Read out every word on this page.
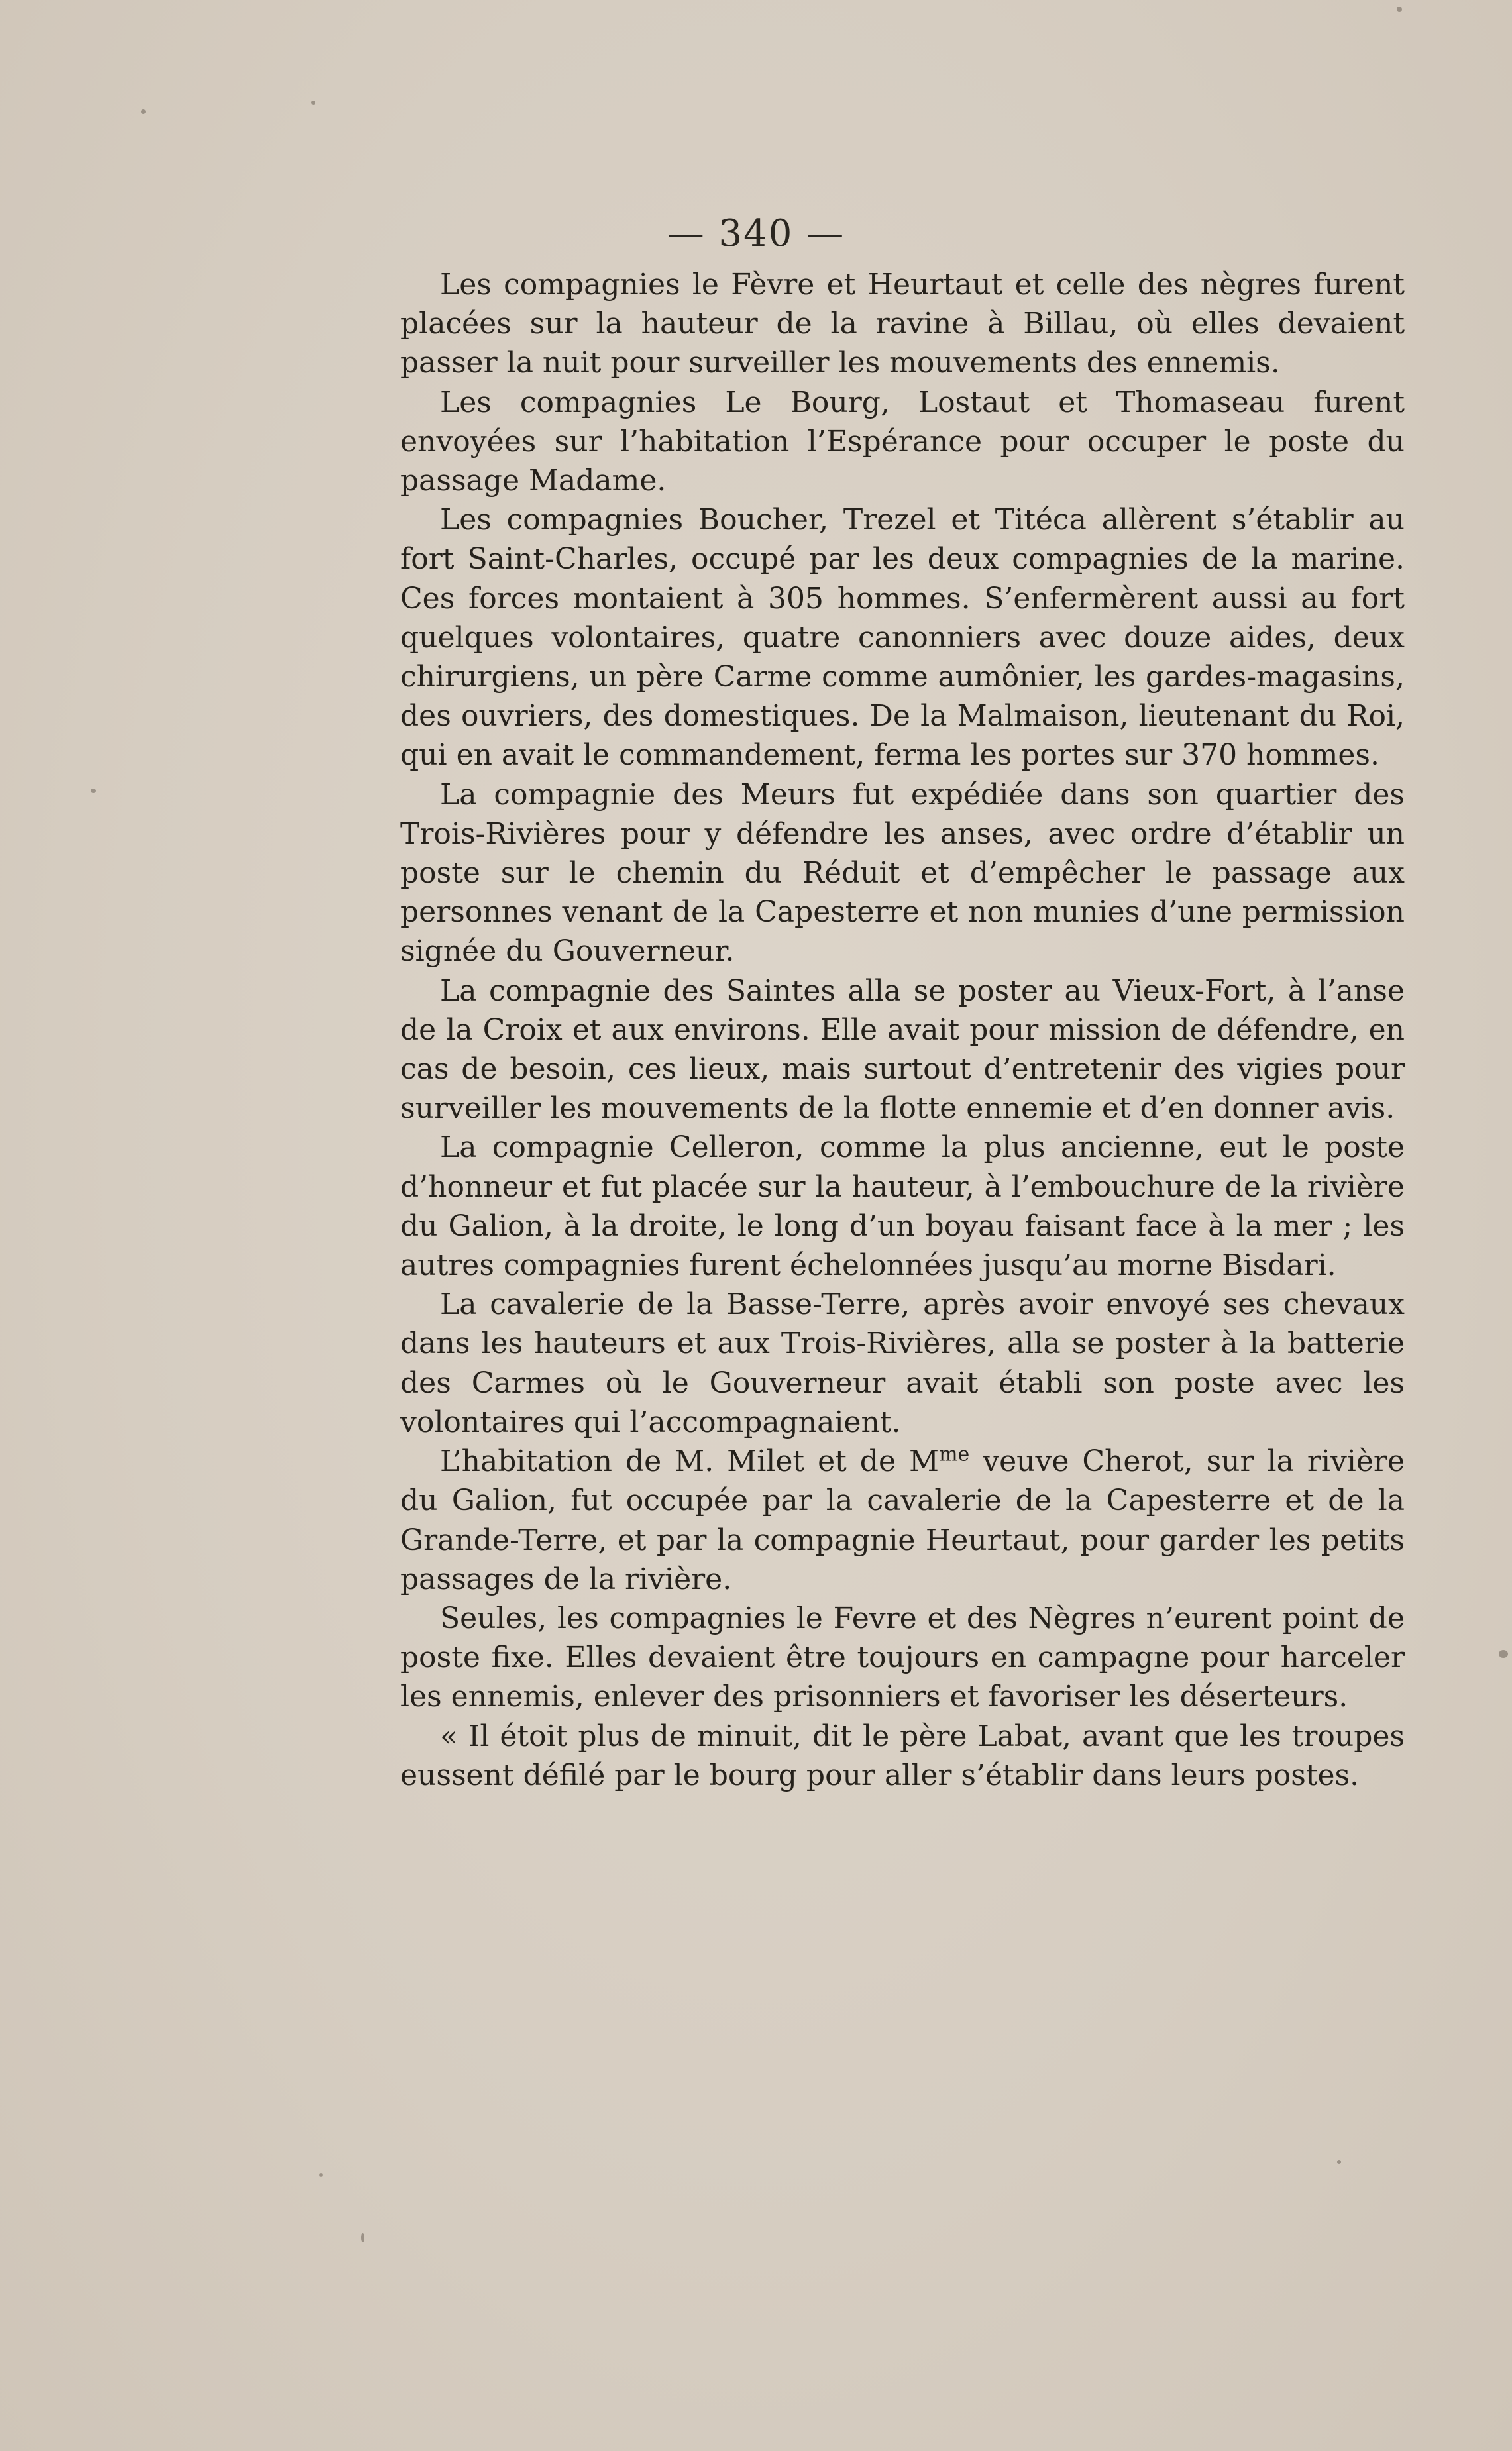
— 340 —

Les compagnies le Fèvre et Heurtaut et celle des nègres furent placées sur la hauteur de la ravine à Billau, où elles devaient passer la nuit pour surveiller les mouvements des ennemis.

Les compagnies Le Bourg, Lostaut et Thomaseau furent envoyées sur l’habitation l’Espérance pour occuper le poste du passage Madame.

Les compagnies Boucher, Trezel et Titéca allèrent s’établir au fort Saint-Charles, occupé par les deux compagnies de la marine. Ces forces montaient à 305 hommes. S’enfermèrent aussi au fort quelques volontaires, quatre canonniers avec douze aides, deux chirurgiens, un père Carme comme aumônier, les gardes-magasins, des ouvriers, des domestiques. De la Malmaison, lieutenant du Roi, qui en avait le commandement, ferma les portes sur 370 hommes.

La compagnie des Meurs fut expédiée dans son quartier des Trois-Rivières pour y défendre les anses, avec ordre d’établir un poste sur le chemin du Réduit et d’empêcher le passage aux personnes venant de la Capesterre et non munies d’une permission signée du Gouverneur.

La compagnie des Saintes alla se poster au Vieux-Fort, à l’anse de la Croix et aux environs. Elle avait pour mission de défendre, en cas de besoin, ces lieux, mais surtout d’entretenir des vigies pour surveiller les mouvements de la flotte ennemie et d’en donner avis.

La compagnie Celleron, comme la plus ancienne, eut le poste d’honneur et fut placée sur la hauteur, à l’embouchure de la rivière du Galion, à la droite, le long d’un boyau faisant face à la mer ; les autres compagnies furent échelonnées jusqu’au morne Bisdari.

La cavalerie de la Basse-Terre, après avoir envoyé ses chevaux dans les hauteurs et aux Trois-Rivières, alla se poster à la batterie des Carmes où le Gouverneur avait établi son poste avec les volontaires qui l’accompagnaient.

L’habitation de M. Milet et de $M^{me}$ veuve Cherot, sur la rivière du Galion, fut occupée par la cavalerie de la Capesterre et de la Grande-Terre, et par la compagnie Heurtaut, pour garder les petits passages de la rivière.

Seules, les compagnies le Fevre et des Nègres n’eurent point de poste fixe. Elles devaient être toujours en campagne pour harceler les ennemis, enlever des prisonniers et favoriser les déserteurs.

« Il étoit plus de minuit, dit le père Labat, avant que les troupes eussent défilé par le bourg pour aller s’établir dans leurs postes.
